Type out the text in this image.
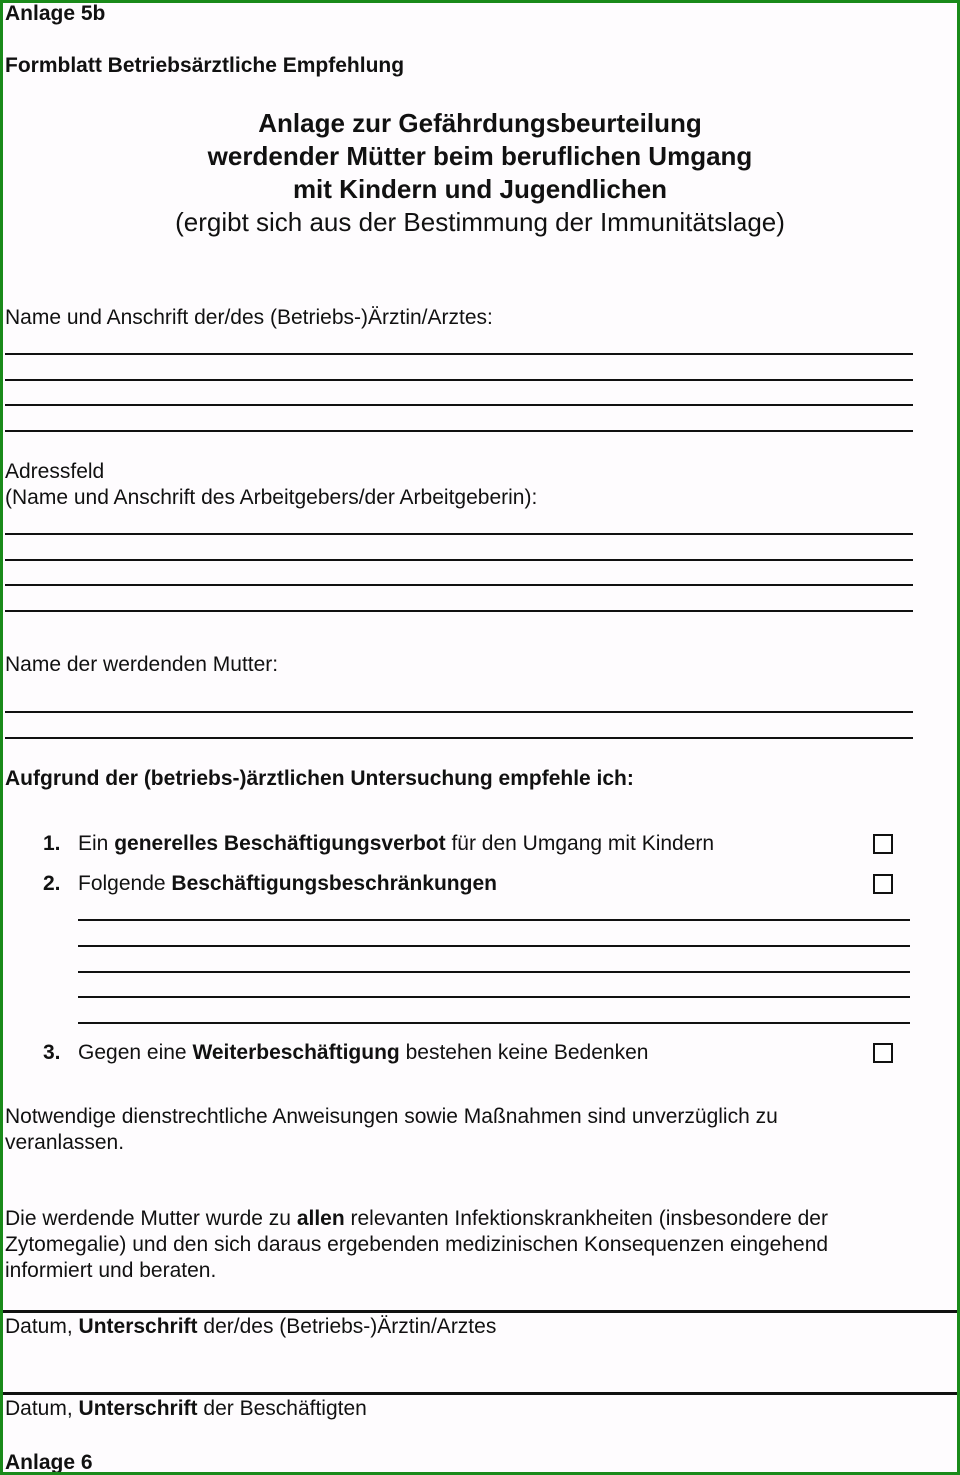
Anlage 5b
Formblatt Betriebsärztliche Empfehlung
Anlage zur Gefährdungsbeurteilung
werdender Mütter beim beruflichen Umgang
mit Kindern und Jugendlichen
(ergibt sich aus der Bestimmung der Immunitätslage)
Name und Anschrift der/des (Betriebs-)Ärztin/Arztes:
Adressfeld
(Name und Anschrift des Arbeitgebers/der Arbeitgeberin):
Name der werdenden Mutter:
Aufgrund der (betriebs-)ärztlichen Untersuchung empfehle ich:
1. Ein generelles Beschäftigungsverbot für den Umgang mit Kindern
2. Folgende Beschäftigungsbeschränkungen
3. Gegen eine Weiterbeschäftigung bestehen keine Bedenken
Notwendige dienstrechtliche Anweisungen sowie Maßnahmen sind unverzüglich zu veranlassen.
Die werdende Mutter wurde zu allen relevanten Infektionskrankheiten (insbesondere der Zytomegalie) und den sich daraus ergebenden medizinischen Konsequenzen eingehend informiert und beraten.
Datum, Unterschrift der/des (Betriebs-)Ärztin/Arztes
Datum, Unterschrift der Beschäftigten
Anlage 6
